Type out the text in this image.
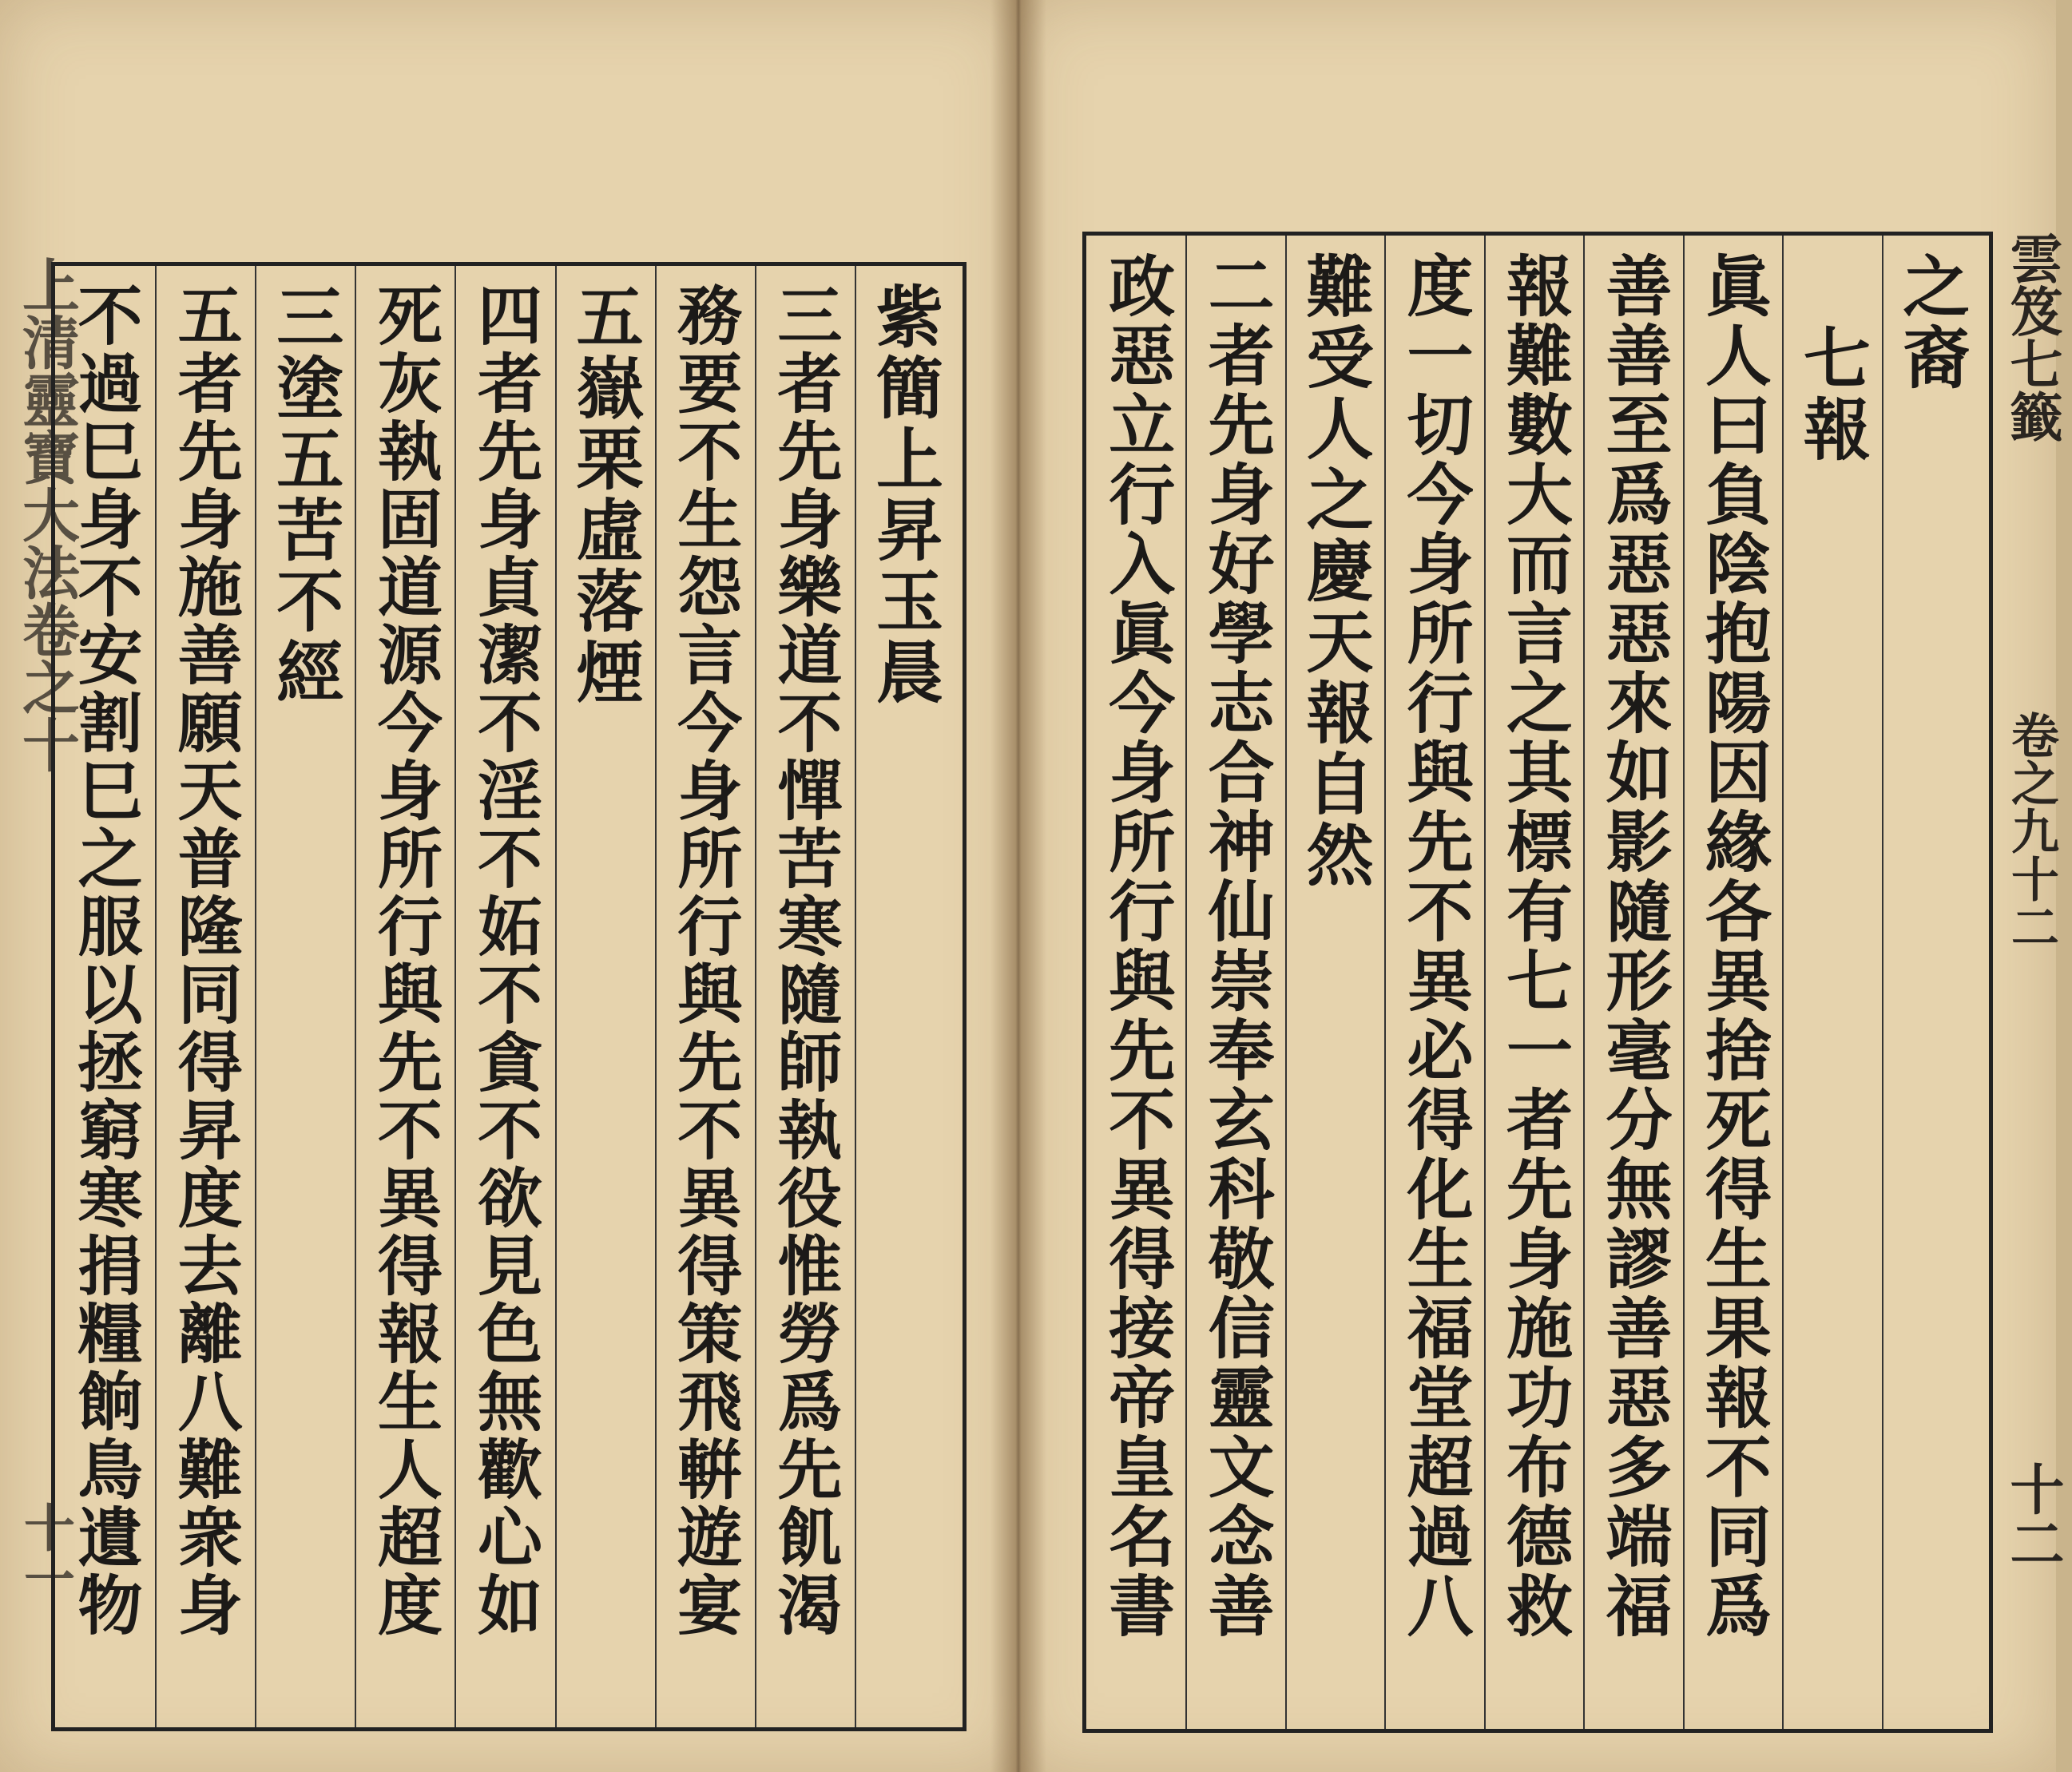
上清靈寶大法卷之十
十一
紫簡上昇玉晨
三者先身樂道不憚苦寒隨師執役惟勞爲先飢渴
務要不生怨言今身所行與先不異得策飛輧遊宴
五嶽栗虛落煙
四者先身貞潔不淫不妬不貪不欲見色無歡心如
死灰執固道源今身所行與先不異得報生人超度
三塗五苦不經
五者先身施善願天普隆同得昇度去離八難衆身
不過巳身不安割巳之服以拯窮寒捐糧餉鳥遺物	之裔
七報
眞人曰負陰抱陽因緣各異捨死得生果報不同爲
善善至爲惡惡來如影隨形毫分無謬善惡多端福
報難數大而言之其標有七一者先身施功布德救
度一切今身所行與先不異必得化生福堂超過八
難受人之慶天報自然
二者先身好學志合神仙崇奉玄科敬信靈文念善
政惡立行入眞今身所行與先不異得接帝皇名書	雲笈七籤
卷之九十二
十二
